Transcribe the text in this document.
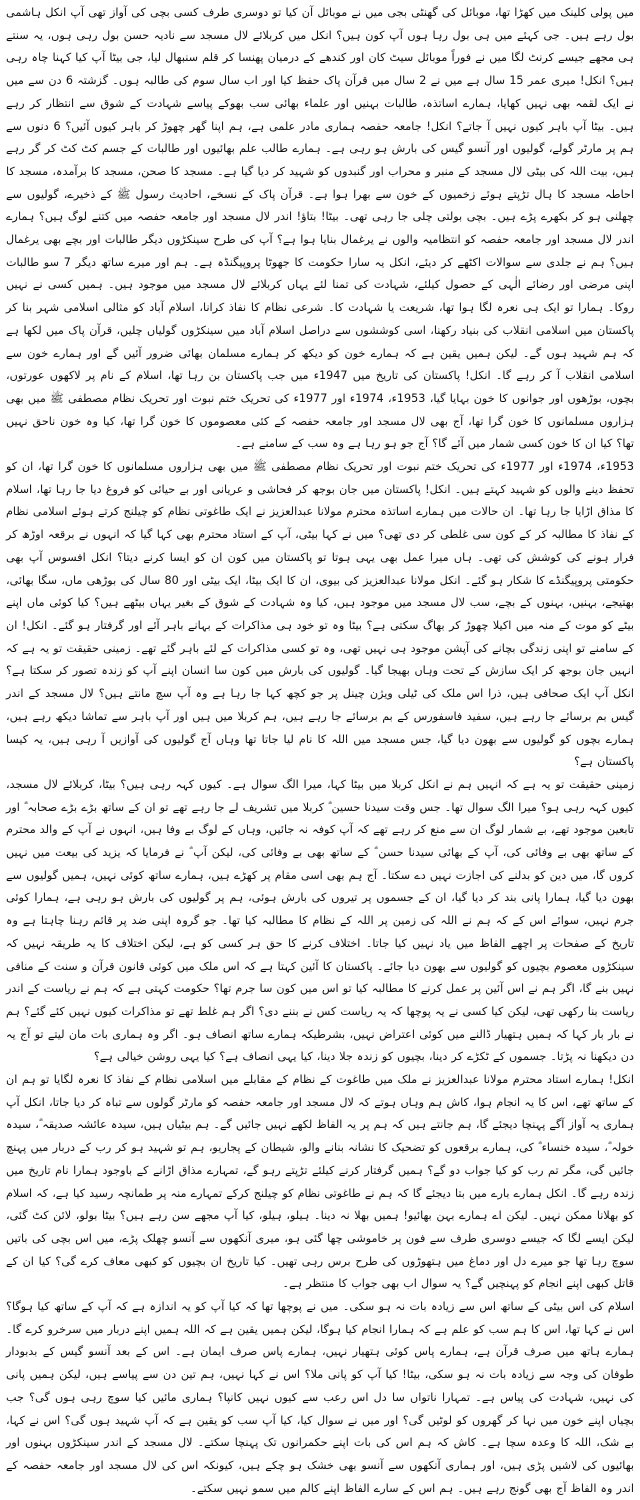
میں پولی کلینک میں کھڑا تھا، موبائل کی گھنٹی بجی میں نے موبائل آن کیا تو دوسری طرف کسی بچی کی آواز تھی آپ انکل ہاشمی بول رہے ہیں۔ جی کہئے میں ہی بول رہا ہوں آپ کون ہیں؟ انکل میں کربلائے لال مسجد سے نادیہ حسن بول رہی ہوں، یہ سنتے ہی مجھے جیسے کرنٹ لگا میں نے فوراً موبائل سیٹ کان اور کندھے کے درمیان پھنسا کر قلم سنبھال لیا، جی بیٹا آپ کیا کہنا چاہ رہی ہیں؟ انکل! میری عمر 15 سال ہے میں نے 2 سال میں قرآن پاک حفظ کیا اور اب سال سوم کی طالبہ ہوں۔ گزشتہ 6 دن سے میں نے ایک لقمہ بھی نہیں کھایا، ہمارے اساتذہ، طالبات بہنیں اور علماء بھائی سب بھوکے پیاسے شہادت کے شوق سے انتظار کر رہے ہیں۔ بیٹا آپ باہر کیوں نہیں آ جاتے؟ انکل! جامعہ حفصہ ہماری مادر علمی ہے، ہم اپنا گھر چھوڑ کر باہر کیوں آئیں؟ 6 دنوں سے ہم پر مارٹر گولے، گولیوں اور آنسو گیس کی بارش ہو رہی ہے۔ ہمارے طالب علم بھائیوں اور طالبات کے جسم کٹ کٹ کر گر رہے ہیں، بیت اللہ کی بیٹی لال مسجد کے منبر و محراب اور گنبدوں کو شہید کر دیا گیا ہے۔ مسجد کا صحن، مسجد کا برآمدہ، مسجد کا احاطہ مسجد کا ہال تڑپتے ہوئے زخمیوں کے خون سے بھرا ہوا ہے۔ قرآن پاک کے نسخے، احادیث رسول ﷺ کے ذخیرے، گولیوں سے چھلنی ہو کر بکھرے پڑے ہیں۔ بچی بولتی چلی جا رہی تھی۔ بیٹا! بتاؤ! اندر لال مسجد اور جامعہ حفصہ میں کتنے لوگ ہیں؟ ہمارے اندر لال مسجد اور جامعہ حفصہ کو انتظامیہ والوں نے یرغمال بنایا ہوا ہے؟ آپ کی طرح سینکڑوں دیگر طالبات اور بچے بھی یرغمال ہیں؟ ہم نے جلدی سے سوالات اکٹھے کر دیئے، انکل یہ سارا حکومت کا جھوٹا پروپیگنڈہ ہے۔ ہم اور میرے ساتھ دیگر 7 سو طالبات اپنی مرضی اور رضائے الٰہی کے حصول کیلئے، شہادت کی تمنا لئے یہاں کربلائے لال مسجد میں موجود ہیں۔ ہمیں کسی نے نہیں روکا۔ ہمارا تو ایک ہی نعرہ لگا ہوا تھا، شریعت یا شہادت کا۔ شرعی نظام کا نفاذ کرانا، اسلام آباد کو مثالی اسلامی شہر بنا کر پاکستان میں اسلامی انقلاب کی بنیاد رکھنا، اسی کوششوں سے دراصل اسلام آباد میں سینکڑوں گولیاں چلیں، قرآن پاک میں لکھا ہے کہ ہم شہید ہوں گے۔ لیکن ہمیں یقین ہے کہ ہمارے خون کو دیکھ کر ہمارے مسلمان بھائی ضرور آئیں گے اور ہمارے خون سے اسلامی انقلاب آ کر رہے گا۔ انکل! پاکستان کی تاریخ میں 1947ء میں جب پاکستان بن رہا تھا، اسلام کے نام پر لاکھوں عورتوں، بچوں، بوڑھوں اور جوانوں کا خون بہایا گیا، 1953ء، 1974ء اور 1977ء کی تحریک ختم نبوت اور تحریک نظام مصطفی ﷺ میں بھی ہزاروں مسلمانوں کا خون گرا تھا، آج بھی لال مسجد اور جامعہ حفصہ کے کئی معصوموں کا خون گرا تھا، کیا وہ خون ناحق نہیں تھا؟ کیا ان کا خون کسی شمار میں آئے گا؟ آج جو ہو رہا ہے وہ سب کے سامنے ہے۔

1953ء، 1974ء اور 1977ء کی تحریک ختم نبوت اور تحریک نظام مصطفی ﷺ میں بھی ہزاروں مسلمانوں کا خون گرا تھا، ان کو تحفظ دینے والوں کو شہید کہتے ہیں۔ انکل! پاکستان میں جان بوجھ کر فحاشی و عریانی اور بے حیائی کو فروغ دیا جا رہا تھا، اسلام کا مذاق اڑایا جا رہا تھا۔ ان حالات میں ہمارے اساتذہ محترم مولانا عبدالعزیز نے ایک طاغوتی نظام کو چیلنج کرتے ہوئے اسلامی نظام کے نفاذ کا مطالبہ کر کے کون سی غلطی کر دی تھی؟ میں نے کہا بیٹی، آپ کے استاد محترم بھی کہا گیا کہ انہوں نے برقعہ اوڑھ کر فرار ہونے کی کوشش کی تھی۔ ہاں میرا عمل بھی یہی ہوتا تو پاکستان میں کون ان کو ایسا کرنے دیتا؟ انکل افسوس آپ بھی حکومتی پروپیگنڈے کا شکار ہو گئے۔ انکل مولانا عبدالعزیز کی بیوی، ان کا ایک بیٹا، ایک بیٹی اور 80 سال کی بوڑھی ماں، سگا بھائی، بھتیجے، بہنیں، بہنوں کے بچے، سب لال مسجد میں موجود ہیں، کیا وہ شہادت کے شوق کے بغیر یہاں بیٹھے ہیں؟ کیا کوئی ماں اپنے بیٹے کو موت کے منہ میں اکیلا چھوڑ کر بھاگ سکتی ہے؟ بیٹا وہ تو خود ہی مذاکرات کے بہانے باہر آئے اور گرفتار ہو گئے۔ انکل! ان کے سامنے تو اپنی زندگی بچانے کی آپشن موجود ہی نہیں تھی، وہ تو کسی مذاکرات کے لئے باہر گئے تھے۔ زمینی حقیقت تو یہ ہے کہ انہیں جان بوجھ کر ایک سازش کے تحت وہاں بھیجا گیا۔ گولیوں کی بارش میں کون سا انسان اپنے آپ کو زندہ تصور کر سکتا ہے؟ انکل آپ ایک صحافی ہیں، ذرا اس ملک کی ٹیلی ویژن چینل پر جو کچھ کہا جا رہا ہے وہ آپ سچ مانتے ہیں؟ لال مسجد کے اندر گیس بم برسائے جا رہے ہیں، سفید فاسفورس کے بم برسائے جا رہے ہیں، ہم کربلا میں ہیں اور آپ باہر سے تماشا دیکھ رہے ہیں، ہمارے بچوں کو گولیوں سے بھون دیا گیا، جس مسجد میں اللہ کا نام لیا جاتا تھا وہاں آج گولیوں کی آوازیں آ رہی ہیں، یہ کیسا پاکستان ہے؟

زمینی حقیقت تو یہ ہے کہ انہیں ہم نے انکل کربلا میں بیٹا کہا، میرا الگ سوال ہے۔ کیوں کہہ رہی ہیں؟ بیٹا، کربلائے لال مسجد، کیوں کہہ رہی ہو؟ میرا الگ سوال تھا۔ جس وقت سیدنا حسین ؓ کربلا میں تشریف لے جا رہے تھے تو ان کے ساتھ بڑے بڑے صحابہ ؓ اور تابعین موجود تھے، بے شمار لوگ ان سے منع کر رہے تھے کہ آپ کوفہ نہ جائیں، وہاں کے لوگ بے وفا ہیں، انہوں نے آپ کے والد محترم کے ساتھ بھی بے وفائی کی، آپ کے بھائی سیدنا حسن ؓ کے ساتھ بھی بے وفائی کی، لیکن آپ ؓ نے فرمایا کہ یزید کی بیعت میں نہیں کروں گا، میں دین کو بدلنے کی اجازت نہیں دے سکتا۔ آج ہم بھی اسی مقام پر کھڑے ہیں، ہمارے ساتھ کوئی نہیں، ہمیں گولیوں سے بھون دیا گیا، ہمارا پانی بند کر دیا گیا، ان کے جسموں پر تیروں کی بارش ہوئی، ہم پر گولیوں کی بارش ہو رہی ہے، ہمارا کوئی جرم نہیں، سوائے اس کے کہ ہم نے اللہ کی زمین پر اللہ کے نظام کا مطالبہ کیا تھا۔ جو گروہ اپنی ضد پر قائم رہنا چاہتا ہے وہ تاریخ کے صفحات پر اچھے الفاظ میں یاد نہیں کیا جاتا۔ اختلاف کرنے کا حق ہر کسی کو ہے، لیکن اختلاف کا یہ طریقہ نہیں کہ سینکڑوں معصوم بچیوں کو گولیوں سے بھون دیا جائے۔ پاکستان کا آئین کہتا ہے کہ اس ملک میں کوئی قانون قرآن و سنت کے منافی نہیں بنے گا، اگر ہم نے اس آئین پر عمل کرنے کا مطالبہ کیا تو اس میں کون سا جرم تھا؟ حکومت کہتی ہے کہ ہم نے ریاست کے اندر ریاست بنا رکھی تھی، لیکن کیا کسی نے یہ پوچھا کہ یہ ریاست کس نے بننے دی؟ اگر ہم غلط تھے تو مذاکرات کیوں نہیں کئے گئے؟ ہم نے بار بار کہا کہ ہمیں ہتھیار ڈالنے میں کوئی اعتراض نہیں، بشرطیکہ ہمارے ساتھ انصاف ہو۔ اگر وہ ہماری بات مان لیتے تو آج یہ دن دیکھنا نہ پڑتا۔ جسموں کے ٹکڑے کر دینا، بچیوں کو زندہ جلا دینا، کیا یہی انصاف ہے؟ کیا یہی روشن خیالی ہے؟

انکل! ہمارے استاد محترم مولانا عبدالعزیز نے ملک میں طاغوت کے نظام کے مقابلے میں اسلامی نظام کے نفاذ کا نعرہ لگایا تو ہم ان کے ساتھ تھے، اس کا یہ انجام ہوا، کاش ہم وہاں ہوتے کہ لال مسجد اور جامعہ حفصہ کو مارٹر گولوں سے تباہ کر دیا جاتا، انکل آپ ہماری یہ آواز آگے پہنچا دیجئے گا، ہم جانتے ہیں کہ ہم پر یہ الفاظ لکھے نہیں جائیں گے۔ ہم بیٹیاں ہیں، سیدہ عائشہ صدیقہ ؓ، سیدہ خولہ ؓ، سیدہ خنساء ؓ کی، ہمارے برقعوں کو تضحیک کا نشانہ بنانے والو، شیطان کے پجاریو، ہم تو شہید ہو کر رب کے دربار میں پہنچ جائیں گی، مگر تم رب کو کیا جواب دو گے؟ ہمیں گرفتار کرنے کیلئے تڑپتے رہو گے، تمہارے مذاق اڑانے کے باوجود ہمارا نام تاریخ میں زندہ رہے گا۔ انکل ہمارے بارے میں بتا دیجئے گا کہ ہم نے طاغوتی نظام کو چیلنج کرکے تمہارے منہ پر طمانچہ رسید کیا ہے، کہ اسلام کو بھلانا ممکن نہیں۔ لیکن اے ہمارے بہن بھائیو! ہمیں بھلا نہ دینا۔ ہیلو، ہیلو، کیا آپ مجھے سن رہے ہیں؟ بیٹا بولو، لائن کٹ گئی، لیکن ایسے لگا کہ جیسے دوسری طرف سے فون پر خاموشی چھا گئی ہو، میری آنکھوں سے آنسو چھلک پڑے، میں اس بچی کی باتیں سوچ رہا تھا جو میرے دل اور دماغ میں ہتھوڑوں کی طرح برس رہی تھیں۔ کیا تاریخ ان بچیوں کو کبھی معاف کرے گی؟ کیا ان کے قاتل کبھی اپنے انجام کو پہنچیں گے؟ یہ سوال اب بھی جواب کا منتظر ہے۔

اسلام کی اس بیٹی کے ساتھ اس سے زیادہ بات نہ ہو سکی۔ میں نے پوچھا تھا کہ کیا آپ کو یہ اندازہ ہے کہ آپ کے ساتھ کیا ہوگا؟ اس نے کہا تھا، اس کا ہم سب کو علم ہے کہ ہمارا انجام کیا ہوگا، لیکن ہمیں یقین ہے کہ اللہ ہمیں اپنے دربار میں سرخرو کرے گا۔ ہمارے ہاتھ میں صرف قرآن ہے، ہمارے پاس کوئی ہتھیار نہیں، ہمارے پاس صرف ایمان ہے۔ اس کے بعد آنسو گیس کے بدبودار طوفان کی وجہ سے زیادہ بات نہ ہو سکی، بیٹا! کیا آپ کو پانی ملا؟ اس نے کہا نہیں، ہم تین دن سے پیاسے ہیں، لیکن ہمیں پانی کی نہیں، شہادت کی پیاس ہے۔ تمہارا ناتواں سا دل اس رعب سے کیوں نہیں کانپا؟ ہماری مائیں کیا سوچ رہی ہوں گی؟ جب بچیاں اپنے خون میں نہا کر گھروں کو لوٹیں گی؟ اور میں نے سوال کیا، کیا آپ سب کو یقین ہے کہ آپ شہید ہوں گی؟ اس نے کہا، بے شک، اللہ کا وعدہ سچا ہے۔ کاش کہ ہم اس کی بات اپنے حکمرانوں تک پہنچا سکتے۔ لال مسجد کے اندر سینکڑوں بہنوں اور بھائیوں کی لاشیں پڑی ہیں، اور ہماری آنکھوں سے آنسو بھی خشک ہو چکے ہیں، کیونکہ اس کی لال مسجد اور جامعہ حفصہ کے اندر وہ الفاظ آج بھی گونج رہے ہیں۔ ہم اس کے سارے الفاظ اپنے کالم میں سمو نہیں سکتے۔
